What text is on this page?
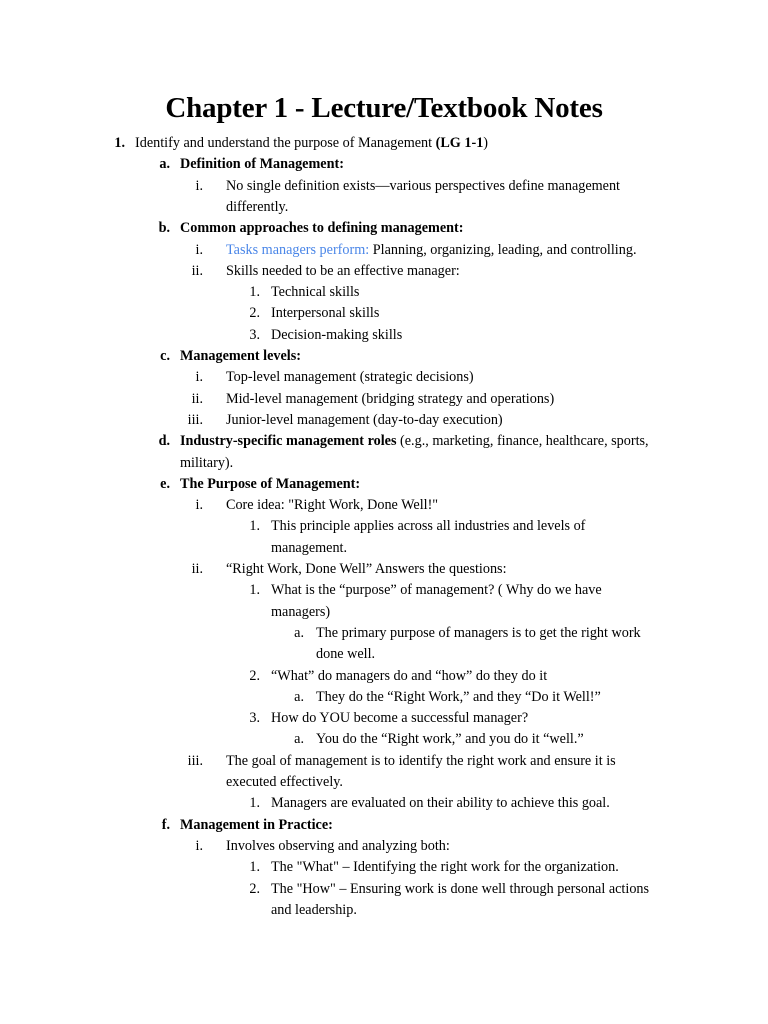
Chapter 1 - Lecture/Textbook Notes
1. Identify and understand the purpose of Management (LG 1-1)
a. Definition of Management:
i. No single definition exists—various perspectives define management
differently.
b. Common approaches to defining management:
i. Tasks managers perform: Planning, organizing, leading, and controlling.
ii. Skills needed to be an effective manager:
1. Technical skills
2. Interpersonal skills
3. Decision-making skills
c. Management levels:
i. Top-level management (strategic decisions)
ii. Mid-level management (bridging strategy and operations)
iii. Junior-level management (day-to-day execution)
d. Industry-specific management roles (e.g., marketing, finance, healthcare, sports,
military).
e. The Purpose of Management:
i. Core idea: "Right Work, Done Well!"
1. This principle applies across all industries and levels of
management.
ii. “Right Work, Done Well” Answers the questions:
1. What is the “purpose” of management? ( Why do we have
managers)
a. The primary purpose of managers is to get the right work
done well.
2. “What” do managers do and “how” do they do it
a. They do the “Right Work,” and they “Do it Well!”
3. How do YOU become a successful manager?
a. You do the “Right work,” and you do it “well.”
iii. The goal of management is to identify the right work and ensure it is
executed effectively.
1. Managers are evaluated on their ability to achieve this goal.
f. Management in Practice:
i. Involves observing and analyzing both:
1. The "What" – Identifying the right work for the organization.
2. The "How" – Ensuring work is done well through personal actions
and leadership.
